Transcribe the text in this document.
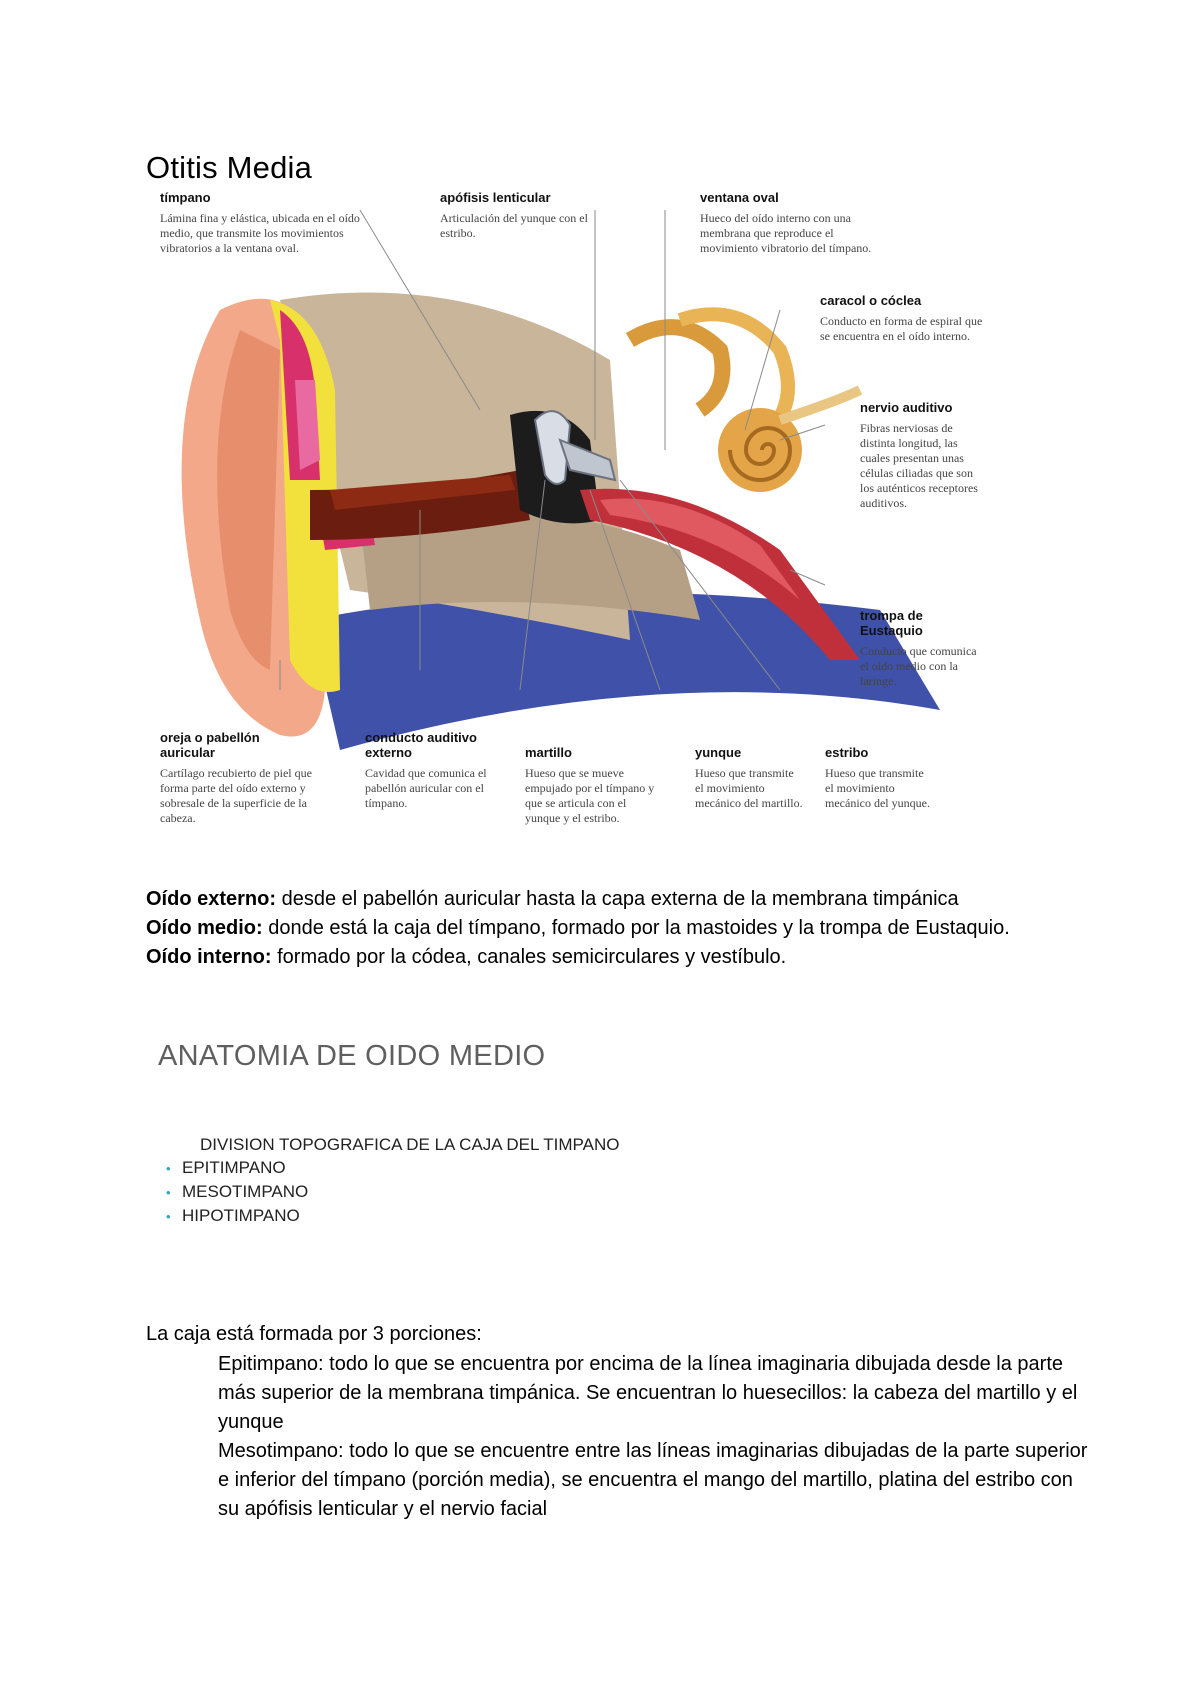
Otitis Media
tímpano
Lámina fina y elástica, ubicada en el oído medio, que transmite los movimientos vibratorios a la ventana oval.
apófisis lenticular
Articulación del yunque con el estribo.
ventana oval
Hueco del oído interno con una membrana que reproduce el movimiento vibratorio del tímpano.
caracol o cóclea
Conducto en forma de espiral que se encuentra en el oído interno.
nervio auditivo
Fibras nerviosas de distinta longitud, las cuales presentan unas células ciliadas que son los auténticos receptores auditivos.
trompa de Eustaquio
Conducto que comunica el oído medio con la laringe.
oreja o pabellón auricular
Cartílago recubierto de piel que forma parte del oído externo y sobresale de la superficie de la cabeza.
conducto auditivo externo
Cavidad que comunica el pabellón auricular con el tímpano.
martillo
Hueso que se mueve empujado por el tímpano y que se articula con el yunque y el estribo.
yunque
Hueso que transmite el movimiento mecánico del martillo.
estribo
Hueso que transmite el movimiento mecánico del yunque.
Oído externo: desde el pabellón auricular hasta la capa externa de la membrana timpánica
Oído medio: donde está la caja del tímpano, formado por la mastoides y la trompa de Eustaquio.
Oído interno: formado por la códea, canales semicirculares y vestíbulo.
ANATOMIA DE OIDO MEDIO
DIVISION TOPOGRAFICA DE LA CAJA DEL TIMPANO
• EPITIMPANO
• MESOTIMPANO
• HIPOTIMPANO
La caja está formada por 3 porciones:
Epitimpano: todo lo que se encuentra por encima de la línea imaginaria dibujada desde la parte más superior de la membrana timpánica. Se encuentran lo huesecillos: la cabeza del martillo y el yunque
Mesotimpano: todo lo que se encuentre entre las líneas imaginarias dibujadas de la parte superior e inferior del tímpano (porción media), se encuentra el mango del martillo, platina del estribo con su apófisis lenticular y el nervio facial
